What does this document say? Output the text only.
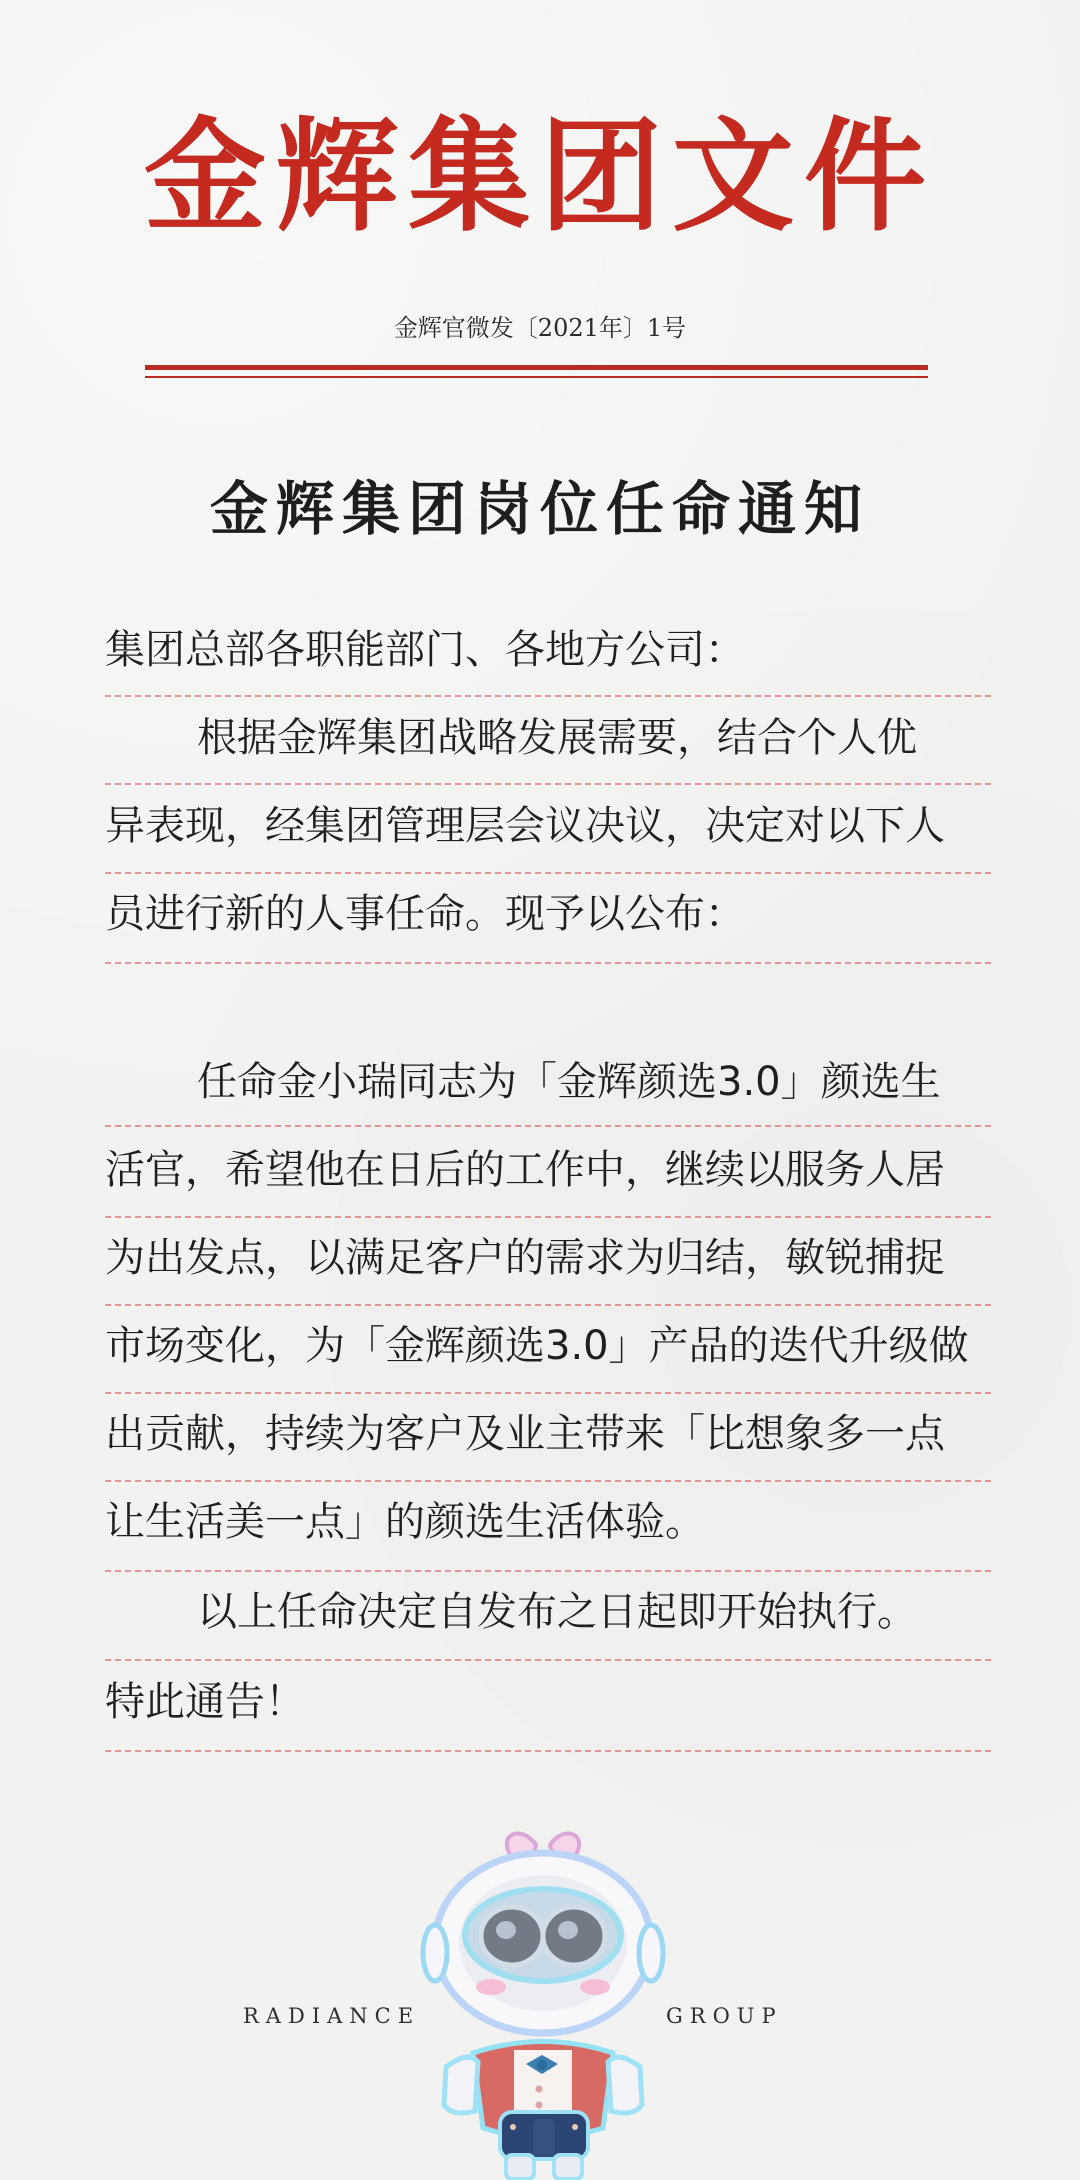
金辉集团文件
金辉官微发〔2021年〕1号
金辉集团岗位任命通知
集团总部各职能部门、各地方公司：
根据金辉集团战略发展需要，结合个人优
异表现，经集团管理层会议决议，决定对以下人
员进行新的人事任命。现予以公布：
任命金小瑞同志为「金辉
颜选3.0」颜选生
活官，希望他在日后的工作中，继续以服务人居
为出发点，以满足客户的需求为归结，敏锐捕捉
市场变化，为「金辉
颜选3.0」产品的迭代升级做
出贡献，持续为客户及业主带来「比想象多一点
让生活美一点」的颜选生活体验。
以上任命决定自发布之日起即开始执行。
特此通告！
RADIANCE	GROUP
